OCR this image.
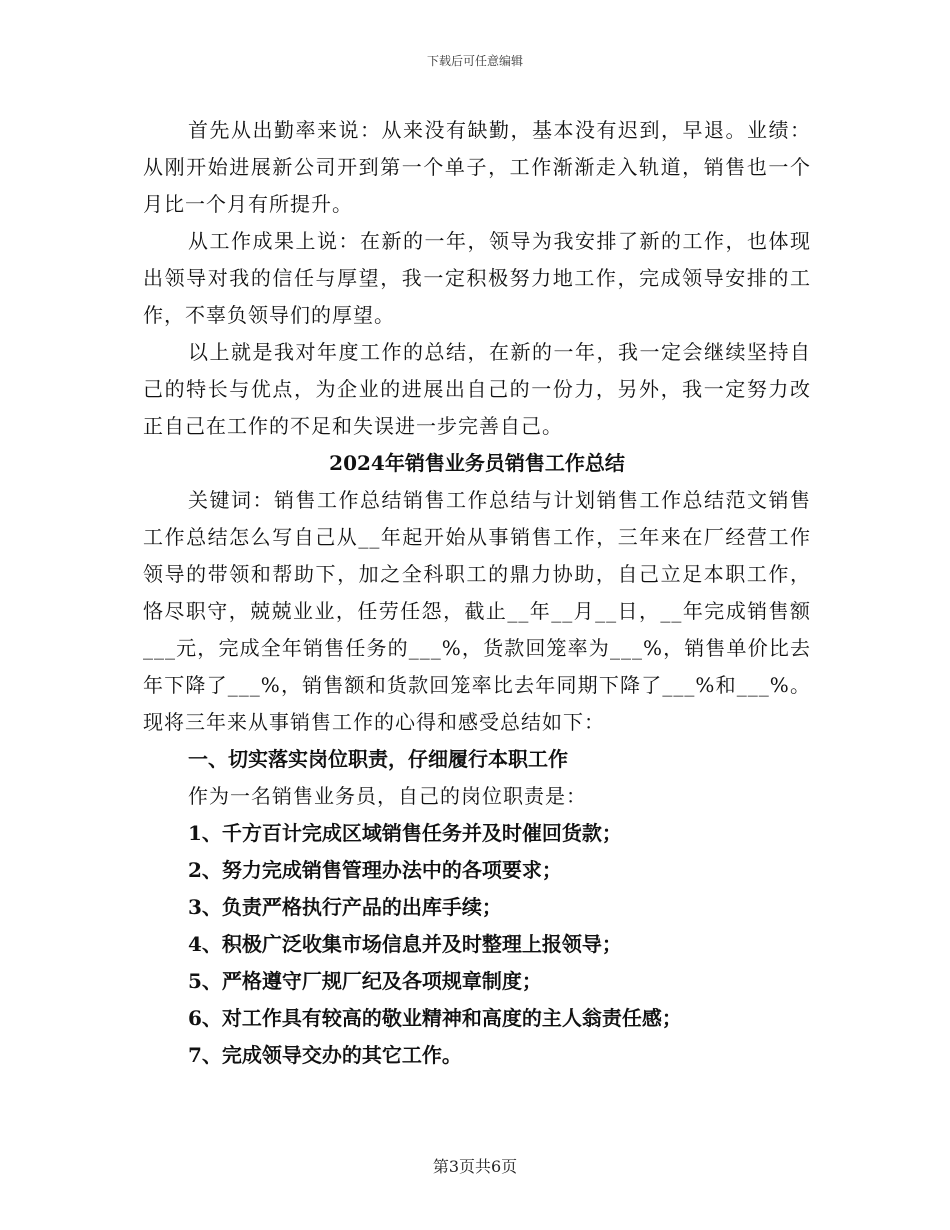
下载后可任意编辑

首先从出勤率来说：从来没有缺勤，基本没有迟到，早退。业绩：从刚开始进展新公司开到第一个单子，工作渐渐走入轨道，销售也一个月比一个月有所提升。

从工作成果上说：在新的一年，领导为我安排了新的工作，也体现出领导对我的信任与厚望，我一定积极努力地工作，完成领导安排的工作，不辜负领导们的厚望。

以上就是我对年度工作的总结，在新的一年，我一定会继续坚持自己的特长与优点，为企业的进展出自己的一份力，另外，我一定努力改正自己在工作的不足和失误进一步完善自己。

2024年销售业务员销售工作总结

关键词：销售工作总结销售工作总结与计划销售工作总结范文销售工作总结怎么写自己从__年起开始从事销售工作，三年来在厂经营工作领导的带领和帮助下，加之全科职工的鼎力协助，自己立足本职工作，恪尽职守，兢兢业业，任劳任怨，截止__年__月__日，__年完成销售额___元，完成全年销售任务的___%，货款回笼率为___%，销售单价比去年下降了___%，销售额和货款回笼率比去年同期下降了___%和___%。现将三年来从事销售工作的心得和感受总结如下：

一、切实落实岗位职责，仔细履行本职工作

作为一名销售业务员，自己的岗位职责是：

1、千方百计完成区域销售任务并及时催回货款；
2、努力完成销售管理办法中的各项要求；
3、负责严格执行产品的出库手续；
4、积极广泛收集市场信息并及时整理上报领导；
5、严格遵守厂规厂纪及各项规章制度；
6、对工作具有较高的敬业精神和高度的主人翁责任感；
7、完成领导交办的其它工作。
第3页共6页
